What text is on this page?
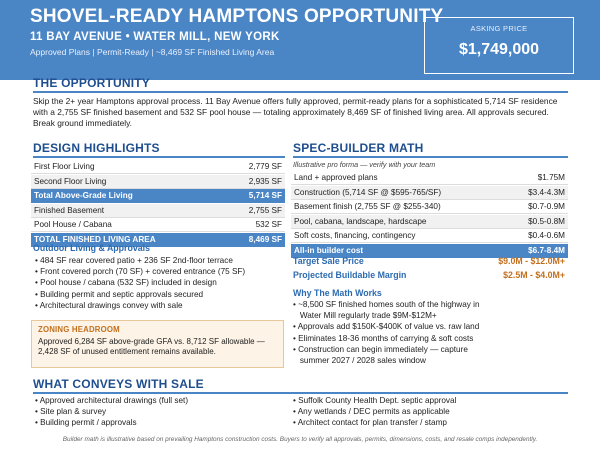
SHOVEL-READY HAMPTONS OPPORTUNITY
11 BAY AVENUE • WATER MILL, NEW YORK
Approved Plans | Permit-Ready | ~8,469 SF Finished Living Area
ASKING PRICE
$1,749,000
THE OPPORTUNITY
Skip the 2+ year Hamptons approval process. 11 Bay Avenue offers fully approved, permit-ready plans for a sophisticated 5,714 SF residence with a 2,755 SF finished basement and 532 SF pool house — totaling approximately 8,469 SF of finished living area. All approvals secured. Break ground immediately.
DESIGN HIGHLIGHTS
First Floor Living	2,779 SF
Second Floor Living	2,935 SF
Total Above-Grade Living	5,714 SF
Finished Basement	2,755 SF
Pool House / Cabana	532 SF
TOTAL FINISHED LIVING AREA	8,469 SF
Outdoor Living & Approvals
• 484 SF rear covered patio + 236 SF 2nd-floor terrace
• Front covered porch (70 SF) + covered entrance (75 SF)
• Pool house / cabana (532 SF) included in design
• Building permit and septic approvals secured
• Architectural drawings convey with sale
ZONING HEADROOM
Approved 6,284 SF above-grade GFA vs. 8,712 SF allowable — 2,428 SF of unused entitlement remains available.
SPEC-BUILDER MATH
Illustrative pro forma — verify with your team
Land + approved plans	$1.75M
Construction (5,714 SF @ $595-765/SF)	$3.4-4.3M
Basement finish (2,755 SF @ $255-340)	$0.7-0.9M
Pool, cabana, landscape, hardscape	$0.5-0.8M
Soft costs, financing, contingency	$0.4-0.6M
All-in builder cost	$6.7-8.4M
Target Sale Price	$9.0M - $12.0M+
Projected Buildable Margin	$2.5M - $4.0M+
Why The Math Works
• ~8,500 SF finished homes south of the highway in
Water Mill regularly trade $9M-$12M+
• Approvals add $150K-$400K of value vs. raw land
• Eliminates 18-36 months of carrying & soft costs
• Construction can begin immediately — capture
summer 2027 / 2028 sales window
WHAT CONVEYS WITH SALE
• Approved architectural drawings (full set)
• Site plan & survey
• Building permit / approvals
• Suffolk County Health Dept. septic approval
• Any wetlands / DEC permits as applicable
• Architect contact for plan transfer / stamp
Builder math is illustrative based on prevailing Hamptons construction costs. Buyers to verify all approvals, permits, dimensions, costs, and resale comps independently.
